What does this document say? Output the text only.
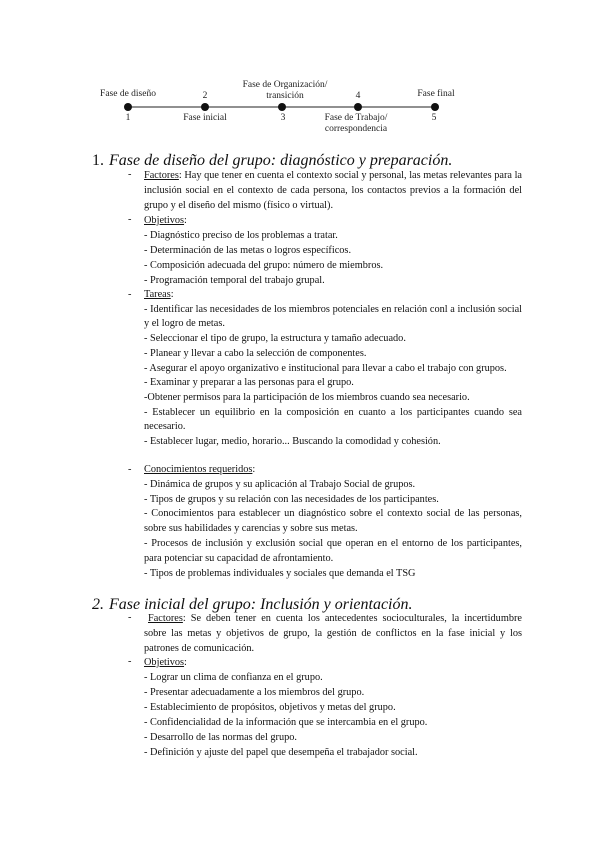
Fase de diseño	2
Fase de Organización/ transición	4	Fase final
1	Fase inicial	3	Fase de Trabajo/ correspondencia
5
1. Fase de diseño del grupo: diagnóstico y preparación.
- Factores: Hay que tener en cuenta el contexto social y personal, las metas relevantes para la inclusión social en el contexto de cada persona, los contactos previos a la formación del grupo y el diseño del mismo (físico o virtual).
- Objetivos:
- Diagnóstico preciso de los problemas a tratar.
- Determinación de las metas o logros específicos.
- Composición adecuada del grupo: número de miembros.
- Programación temporal del trabajo grupal.
- Tareas:
- Identificar las necesidades de los miembros potenciales en relación conl a inclusión social y el logro de metas.
- Seleccionar el tipo de grupo, la estructura y tamaño adecuado.
- Planear y llevar a cabo la selección de componentes.
- Asegurar el apoyo organizativo e institucional para llevar a cabo el trabajo con grupos.
- Examinar y preparar a las personas para el grupo.
-Obtener permisos para la participación de los miembros cuando sea necesario.
- Establecer un equilibrio en la composición en cuanto a los participantes cuando sea necesario.
- Establecer lugar, medio, horario... Buscando la comodidad y cohesión.
- Conocimientos requeridos:
- Dinámica de grupos y su aplicación al Trabajo Social de grupos.
- Tipos de grupos y su relación con las necesidades de los participantes.
- Conocimientos para establecer un diagnóstico sobre el contexto social de las personas, sobre sus habilidades y carencias y sobre sus metas.
- Procesos de inclusión y exclusión social que operan en el entorno de los participantes, para potenciar su capacidad de afrontamiento.
- Tipos de problemas individuales y sociales que demanda el TSG
2. Fase inicial del grupo: Inclusión y orientación.
-	Factores: Se deben tener en cuenta los antecedentes socioculturales, la incertidumbre sobre las metas y objetivos de grupo, la gestión de conflictos en la fase inicial y los patrones de comunicación.
- Objetivos:
- Lograr un clima de confianza en el grupo.
- Presentar adecuadamente a los miembros del grupo.
- Establecimiento de propósitos, objetivos y metas del grupo.
- Confidencialidad de la información que se intercambia en el grupo.
- Desarrollo de las normas del grupo.
- Definición y ajuste del papel que desempeña el trabajador social.
